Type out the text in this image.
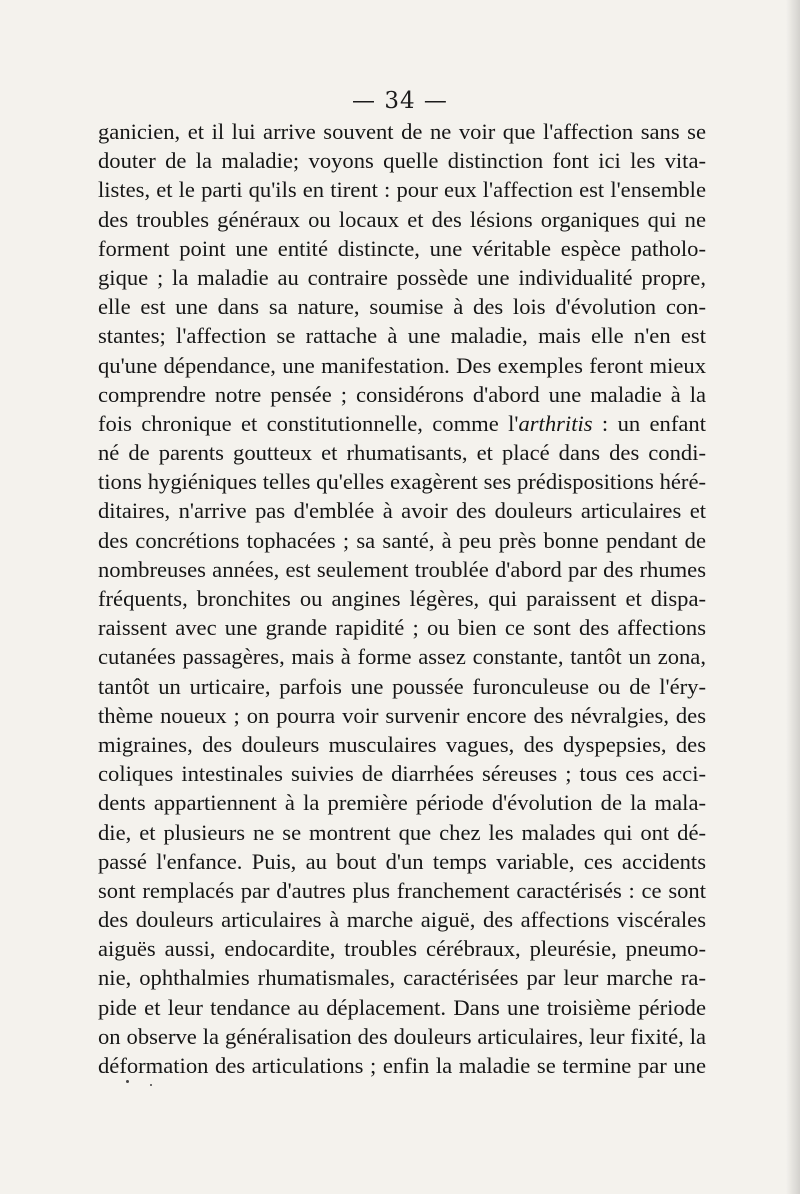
— 34 —
ganicien, et il lui arrive souvent de ne voir que l'affection sans se
douter de la maladie; voyons quelle distinction font ici les vita-
listes, et le parti qu'ils en tirent : pour eux l'affection est l'ensemble
des troubles généraux ou locaux et des lésions organiques qui ne
forment point une entité distincte, une véritable espèce patholo-
gique ; la maladie au contraire possède une individualité propre,
elle est une dans sa nature, soumise à des lois d'évolution con-
stantes; l'affection se rattache à une maladie, mais elle n'en est
qu'une dépendance, une manifestation. Des exemples feront mieux
comprendre notre pensée ; considérons d'abord une maladie à la
fois chronique et constitutionnelle, comme l'arthritis : un enfant
né de parents goutteux et rhumatisants, et placé dans des condi-
tions hygiéniques telles qu'elles exagèrent ses prédispositions héré-
ditaires, n'arrive pas d'emblée à avoir des douleurs articulaires et
des concrétions tophacées ; sa santé, à peu près bonne pendant de
nombreuses années, est seulement troublée d'abord par des rhumes
fréquents, bronchites ou angines légères, qui paraissent et dispa-
raissent avec une grande rapidité ; ou bien ce sont des affections
cutanées passagères, mais à forme assez constante, tantôt un zona,
tantôt un urticaire, parfois une poussée furonculeuse ou de l'éry-
thème noueux ; on pourra voir survenir encore des névralgies, des
migraines, des douleurs musculaires vagues, des dyspepsies, des
coliques intestinales suivies de diarrhées séreuses ; tous ces acci-
dents appartiennent à la première période d'évolution de la mala-
die, et plusieurs ne se montrent que chez les malades qui ont dé-
passé l'enfance. Puis, au bout d'un temps variable, ces accidents
sont remplacés par d'autres plus franchement caractérisés : ce sont
des douleurs articulaires à marche aiguë, des affections viscérales
aiguës aussi, endocardite, troubles cérébraux, pleurésie, pneumo-
nie, ophthalmies rhumatismales, caractérisées par leur marche ra-
pide et leur tendance au déplacement. Dans une troisième période
on observe la généralisation des douleurs articulaires, leur fixité, la
déformation des articulations ; enfin la maladie se termine par une
